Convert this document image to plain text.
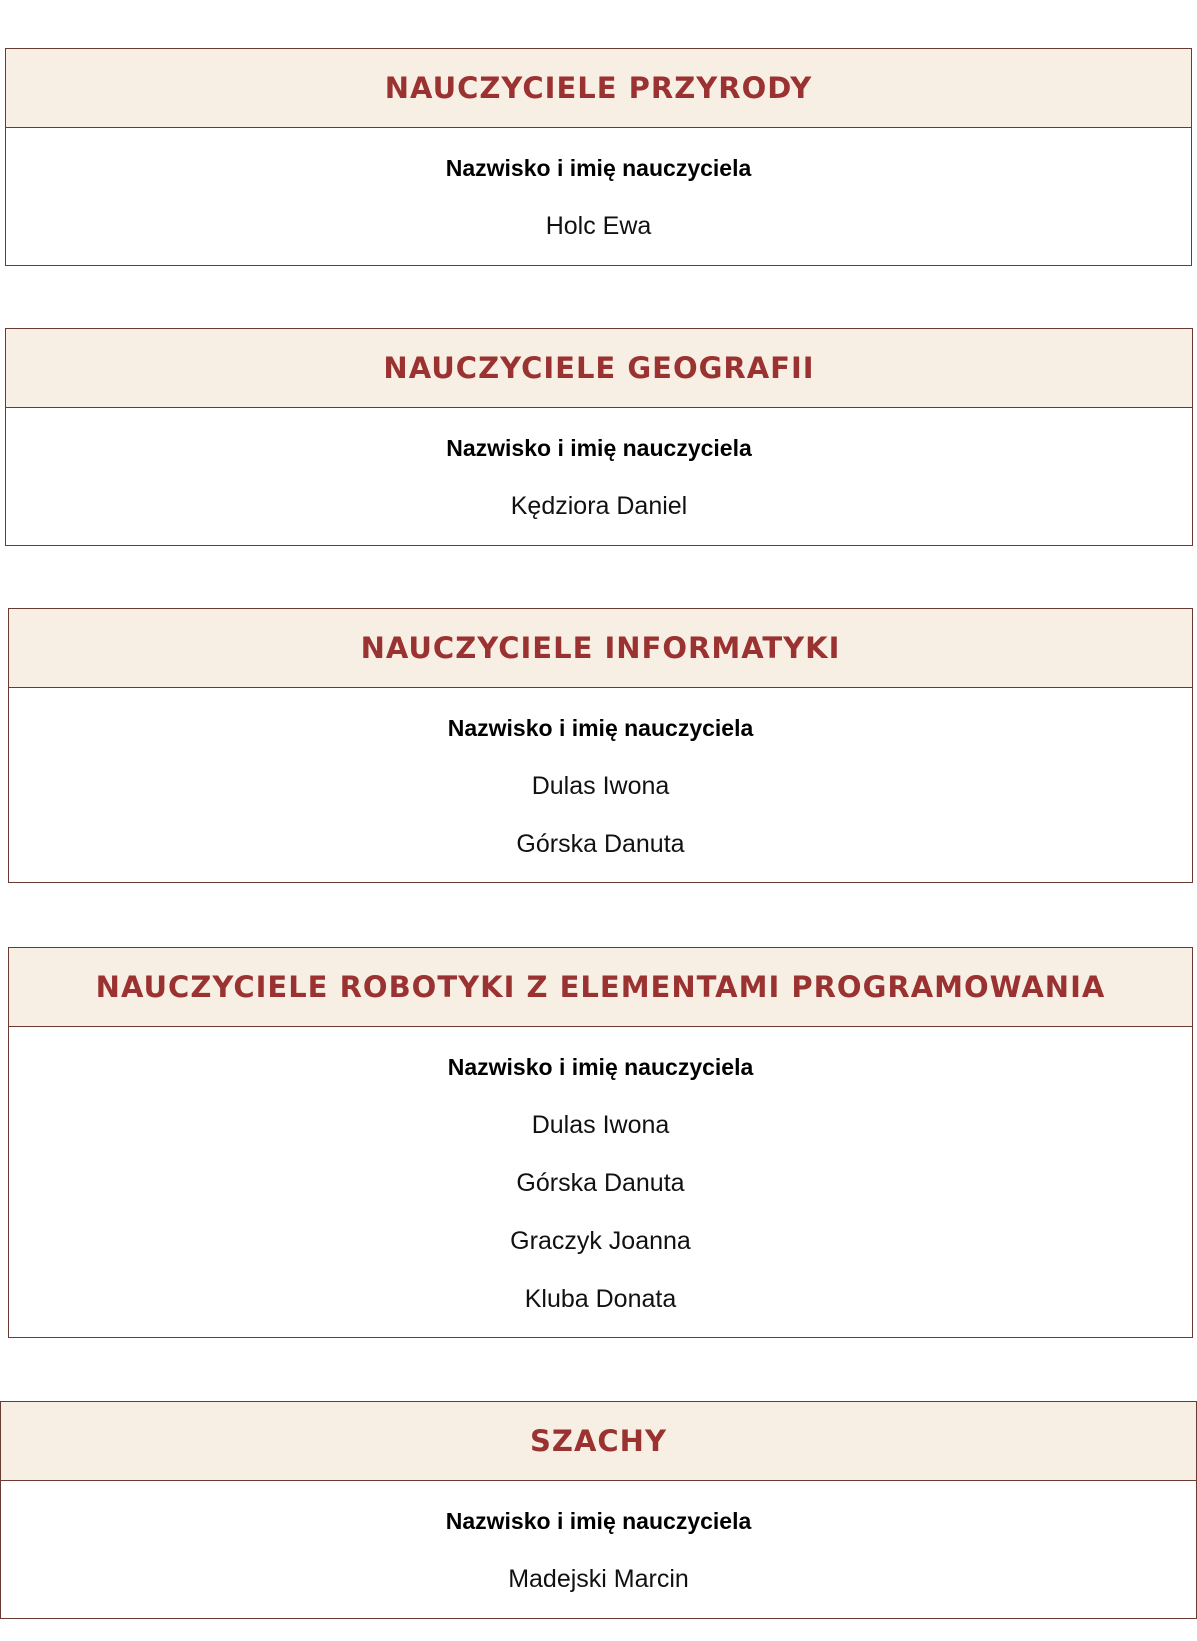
NAUCZYCIELE PRZYRODY
Nazwisko i imię nauczyciela
Holc Ewa
NAUCZYCIELE GEOGRAFII
Nazwisko i imię nauczyciela
Kędziora Daniel
NAUCZYCIELE INFORMATYKI
Nazwisko i imię nauczyciela
Dulas Iwona
Górska Danuta
NAUCZYCIELE ROBOTYKI Z ELEMENTAMI PROGRAMOWANIA
Nazwisko i imię nauczyciela
Dulas Iwona
Górska Danuta
Graczyk Joanna
Kluba Donata
SZACHY
Nazwisko i imię nauczyciela
Madejski Marcin
